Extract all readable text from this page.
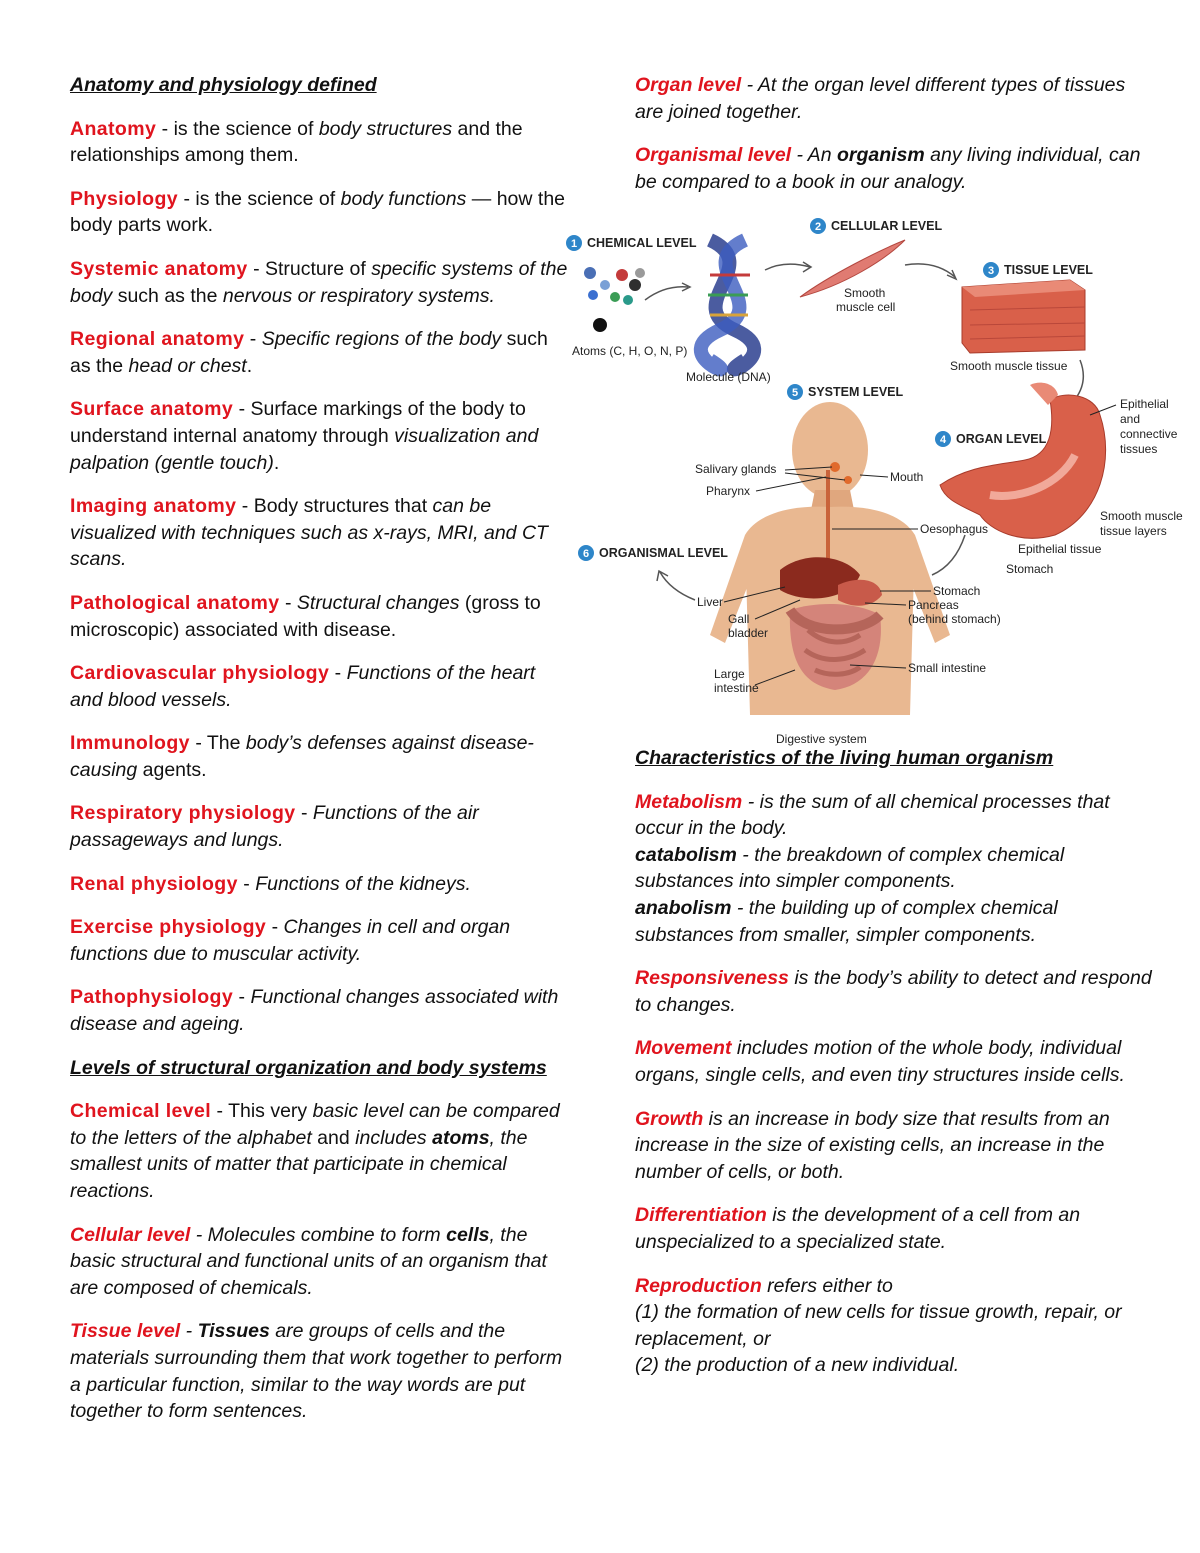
Anatomy and physiology defined

Anatomy - is the science of body structures and the relationships among them.

Physiology - is the science of body functions — how the body parts work.

Systemic anatomy - Structure of specific systems of the body such as the nervous or respiratory systems.

Regional anatomy - Specific regions of the body such as the head or chest.

Surface anatomy - Surface markings of the body to understand internal anatomy through visualization and palpation (gentle touch).

Imaging anatomy - Body structures that can be visualized with techniques such as x-rays, MRI, and CT scans.

Pathological anatomy - Structural changes (gross to microscopic) associated with disease.

Cardiovascular physiology - Functions of the heart and blood vessels.

Immunology - The body’s defenses against disease-causing agents.

Respiratory physiology - Functions of the air passageways and lungs.

Renal physiology - Functions of the kidneys.

Exercise physiology - Changes in cell and organ functions due to muscular activity.

Pathophysiology - Functional changes associated with disease and ageing.

Levels of structural organization and body systems

Chemical level - This very basic level can be compared to the letters of the alphabet and includes atoms, the smallest units of matter that participate in chemical reactions.

Cellular level - Molecules combine to form cells, the basic structural and functional units of an organism that are composed of chemicals.

Tissue level - Tissues are groups of cells and the materials surrounding them that work together to perform a particular function, similar to the way words are put together to form sentences.

Organ level - At the organ level different types of tissues are joined together.

Organismal level - An organism any living individual, can be compared to a book in our analogy.

1 CHEMICAL LEVEL
Atoms (C, H, O, N, P)
Molecule (DNA)
2 CELLULAR LEVEL
Smooth
muscle cell
3 TISSUE LEVEL
Smooth muscle tissue
5 SYSTEM LEVEL
4 ORGAN LEVEL
Epithelial
and
connective
tissues
Smooth muscle
tissue layers
Epithelial tissue
Stomach
6 ORGANISMAL LEVEL
Salivary glands
Pharynx
Mouth
Oesophagus
Liver
Gall
bladder
Stomach
Pancreas
(behind stomach)
Large
intestine
Small intestine
Digestive system

Characteristics of the living human organism

Metabolism - is the sum of all chemical processes that occur in the body.

catabolism - the breakdown of complex chemical substances into simpler components.

anabolism - the building up of complex chemical substances from smaller, simpler components.

Responsiveness is the body’s ability to detect and respond to changes.

Movement includes motion of the whole body, individual organs, single cells, and even tiny structures inside cells.

Growth is an increase in body size that results from an increase in the size of existing cells, an increase in the number of cells, or both.

Differentiation is the development of a cell from an unspecialized to a specialized state.

Reproduction refers either to

(1) the formation of new cells for tissue growth, repair, or replacement, or

(2) the production of a new individual.
